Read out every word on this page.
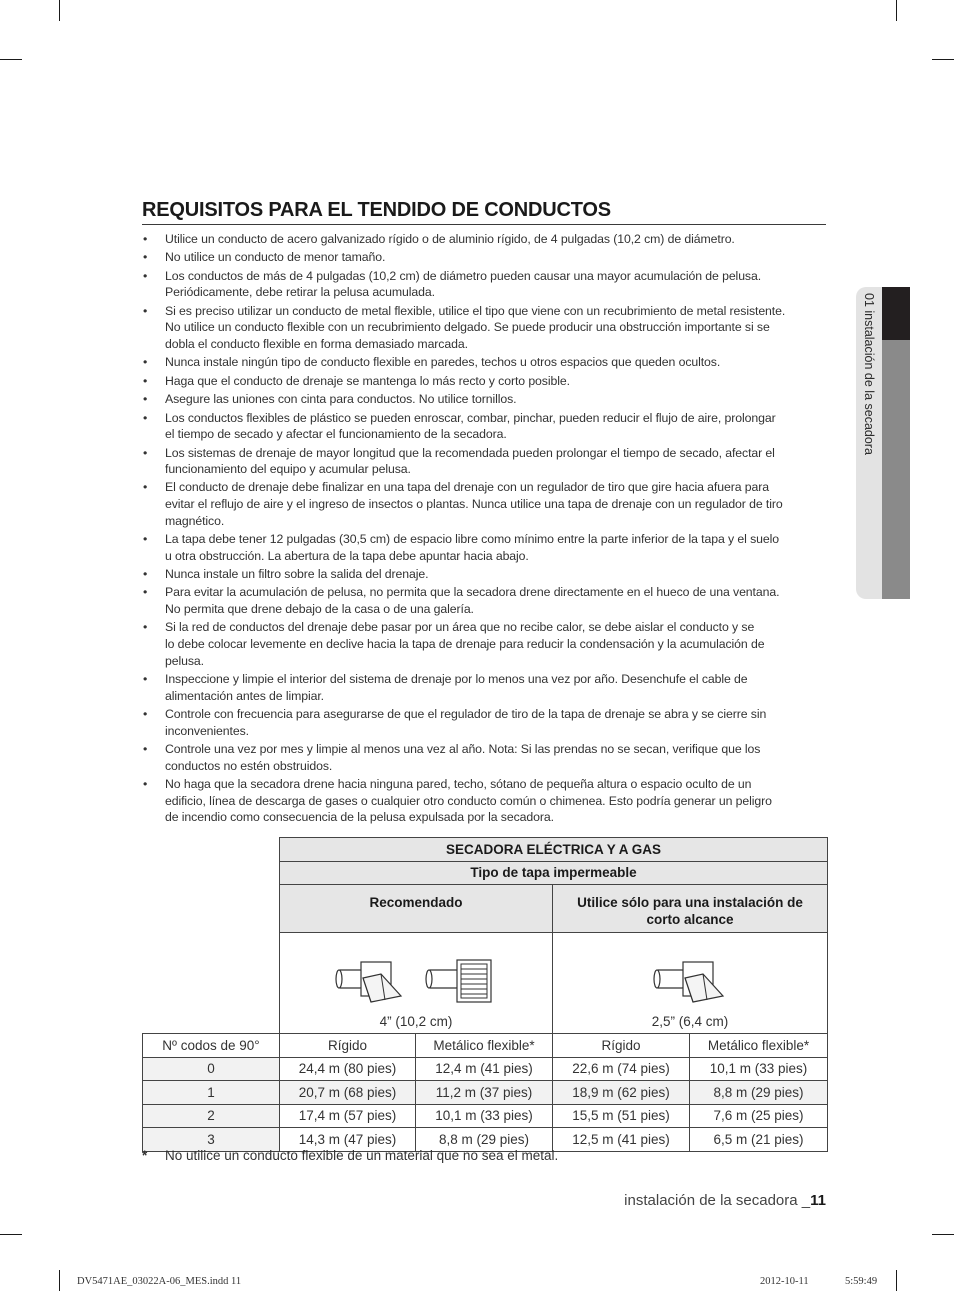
REQUISITOS PARA EL TENDIDO DE CONDUCTOS
• Utilice un conducto de acero galvanizado rígido o de aluminio rígido, de 4 pulgadas (10,2 cm) de diámetro.
• No utilice un conducto de menor tamaño.
• Los conductos de más de 4 pulgadas (10,2 cm) de diámetro pueden causar una mayor acumulación de pelusa.
Periódicamente, debe retirar la pelusa acumulada.
• Si es preciso utilizar un conducto de metal flexible, utilice el tipo que viene con un recubrimiento de metal resistente.
No utilice un conducto flexible con un recubrimiento delgado. Se puede producir una obstrucción importante si se
dobla el conducto flexible en forma demasiado marcada.
• Nunca instale ningún tipo de conducto flexible en paredes, techos u otros espacios que queden ocultos.
• Haga que el conducto de drenaje se mantenga lo más recto y corto posible.
• Asegure las uniones con cinta para conductos. No utilice tornillos.
• Los conductos flexibles de plástico se pueden enroscar, combar, pinchar, pueden reducir el flujo de aire, prolongar
el tiempo de secado y afectar el funcionamiento de la secadora.
• Los sistemas de drenaje de mayor longitud que la recomendada pueden prolongar el tiempo de secado, afectar el
funcionamiento del equipo y acumular pelusa.
• El conducto de drenaje debe finalizar en una tapa del drenaje con un regulador de tiro que gire hacia afuera para
evitar el reflujo de aire y el ingreso de insectos o plantas. Nunca utilice una tapa de drenaje con un regulador de tiro
magnético.
• La tapa debe tener 12 pulgadas (30,5 cm) de espacio libre como mínimo entre la parte inferior de la tapa y el suelo
u otra obstrucción. La abertura de la tapa debe apuntar hacia abajo.
• Nunca instale un filtro sobre la salida del drenaje.
• Para evitar la acumulación de pelusa, no permita que la secadora drene directamente en el hueco de una ventana.
No permita que drene debajo de la casa o de una galería.
• Si la red de conductos del drenaje debe pasar por un área que no recibe calor, se debe aislar el conducto y se
lo debe colocar levemente en declive hacia la tapa de drenaje para reducir la condensación y la acumulación de
pelusa.
• Inspeccione y limpie el interior del sistema de drenaje por lo menos una vez por año. Desenchufe el cable de
alimentación antes de limpiar.
• Controle con frecuencia para asegurarse de que el regulador de tiro de la tapa de drenaje se abra y se cierre sin
inconvenientes.
• Controle una vez por mes y limpie al menos una vez al año. Nota: Si las prendas no se secan, verifique que los
conductos no estén obstruidos.
• No haga que la secadora drene hacia ninguna pared, techo, sótano de pequeña altura o espacio oculto de un
edificio, línea de descarga de gases o cualquier otro conducto común o chimenea. Esto podría generar un peligro
de incendio como consecuencia de la pelusa expulsada por la secadora.
01 instalación de la secadora
	SECADORA ELÉCTRICA Y A GAS			
	Tipo de tapa impermeable			
	Recomendado		Utilice sólo para una instalación de
corto alcance	

4” (10,2 cm)		2,5” (6,4 cm)	
Nº codos de 90°	Rígido	Metálico flexible*	Rígido	Metálico flexible*
0	24,4 m (80 pies)	12,4 m (41 pies)	22,6 m (74 pies)	10,1 m (33 pies)
1	20,7 m (68 pies)	11,2 m (37 pies)	18,9 m (62 pies)	8,8 m (29 pies)
2	17,4 m (57 pies)	10,1 m (33 pies)	15,5 m (51 pies)	7,6 m (25 pies)
3	14,3 m (47 pies)	8,8 m (29 pies)	12,5 m (41 pies)	6,5 m (21 pies)
* No utilice un conducto flexible de un material que no sea el metal.
instalación de la secadora _11
DV5471AE_03022A-06_MES.indd 11	2012-10-11	5:59:49
